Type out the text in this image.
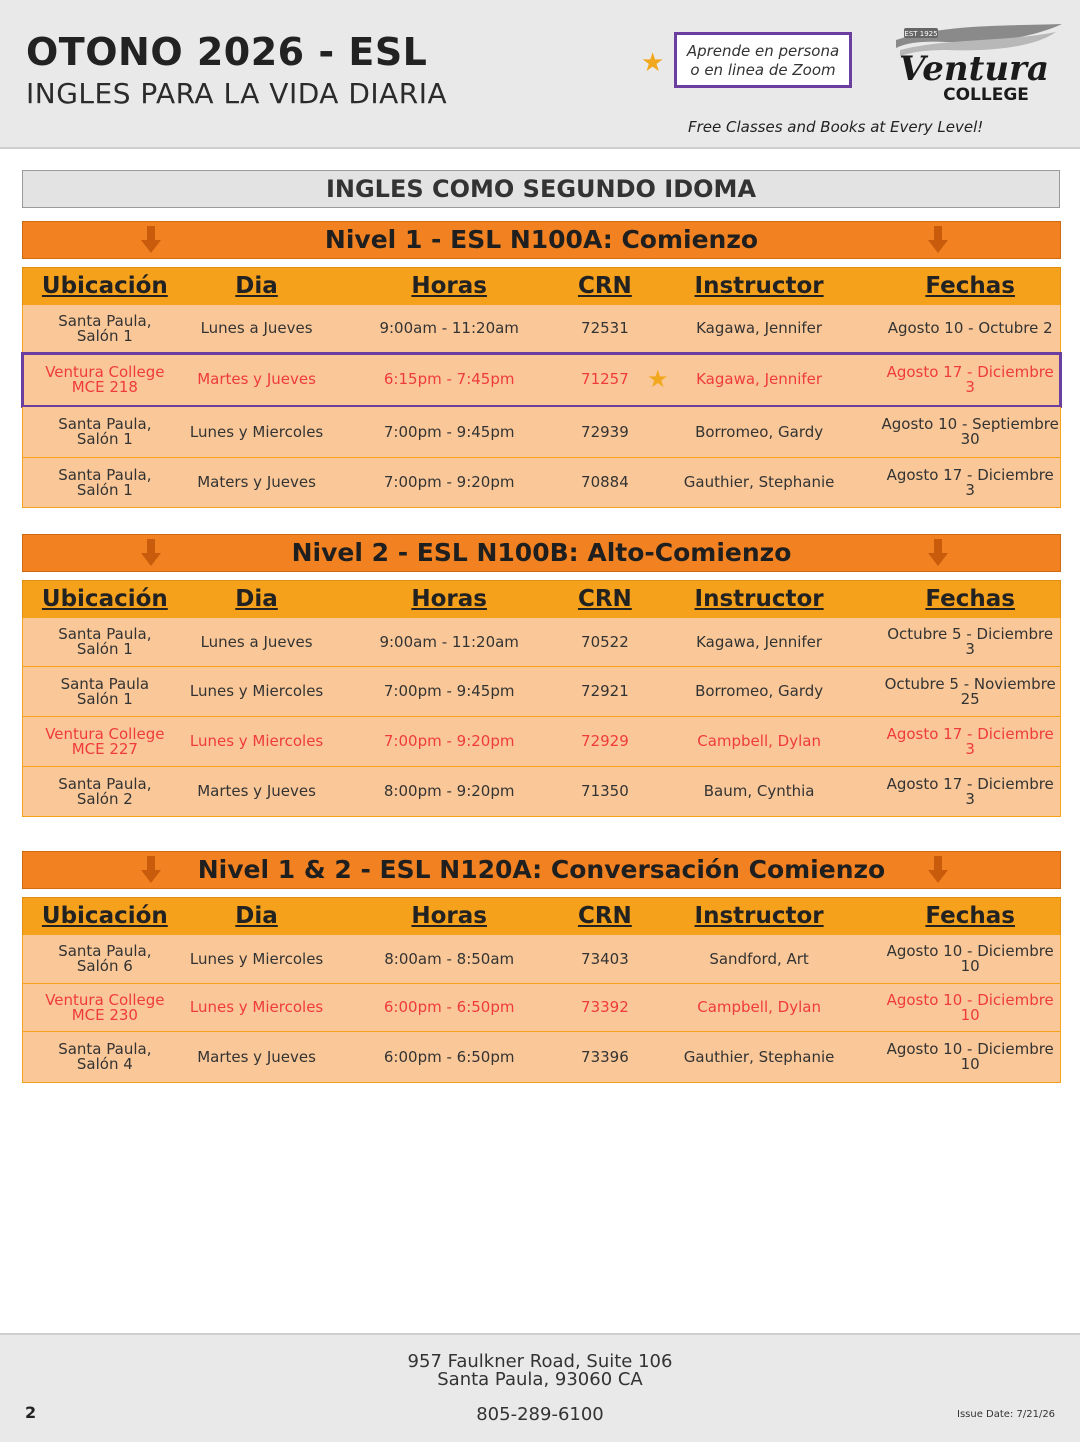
OTONO 2026 - ESL
INGLES PARA LA VIDA DIARIA
★	Aprende en persona
o en linea de Zoom
EST 1925
Ventura
COLLEGE
Free Classes and Books at Every Level!
INGLES COMO SEGUNDO IDOMA
Nivel 1 - ESL N100A: Comienzo
Ubicación	Dia	Horas	CRN	Instructor	Fechas
Santa Paula,
Salón 1	Lunes a Jueves	9:00am - 11:20am	72531	Kagawa, Jennifer	Agosto 10 - Octubre 2
Ventura College
MCE 218	Martes y Jueves	6:15pm - 7:45pm	71257	Kagawa, Jennifer	Agosto 17 - Diciembre 3
★
Santa Paula,
Salón 1	Lunes y Miercoles	7:00pm - 9:45pm	72939	Borromeo, Gardy	Agosto 10 - Septiembre 30
Santa Paula,
Salón 1	Maters y Jueves	7:00pm - 9:20pm	70884	Gauthier, Stephanie	Agosto 17 - Diciembre 3
Nivel 2 - ESL N100B: Alto-Comienzo
Ubicación	Dia	Horas	CRN	Instructor	Fechas
Santa Paula,
Salón 1	Lunes a Jueves	9:00am - 11:20am	70522	Kagawa, Jennifer	Octubre 5 - Diciembre 3
Santa Paula
Salón 1	Lunes y Miercoles	7:00pm - 9:45pm	72921	Borromeo, Gardy	Octubre 5 - Noviembre 25
Ventura College
MCE 227	Lunes y Miercoles	7:00pm - 9:20pm	72929	Campbell, Dylan	Agosto 17 - Diciembre 3
Santa Paula,
Salón 2	Martes y Jueves	8:00pm - 9:20pm	71350	Baum, Cynthia	Agosto 17 - Diciembre 3
Nivel 1 & 2 - ESL N120A: Conversación Comienzo
Ubicación	Dia	Horas	CRN	Instructor	Fechas
Santa Paula,
Salón 6	Lunes y Miercoles	8:00am - 8:50am	73403	Sandford, Art	Agosto 10 - Diciembre 10
Ventura College
MCE 230	Lunes y Miercoles	6:00pm - 6:50pm	73392	Campbell, Dylan	Agosto 10 - Diciembre 10
Santa Paula,
Salón 4	Martes y Jueves	6:00pm - 6:50pm	73396	Gauthier, Stephanie	Agosto 10 - Diciembre 10
957 Faulkner Road, Suite 106
Santa Paula, 93060 CA
805-289-6100
2	Issue Date: 7/21/26
